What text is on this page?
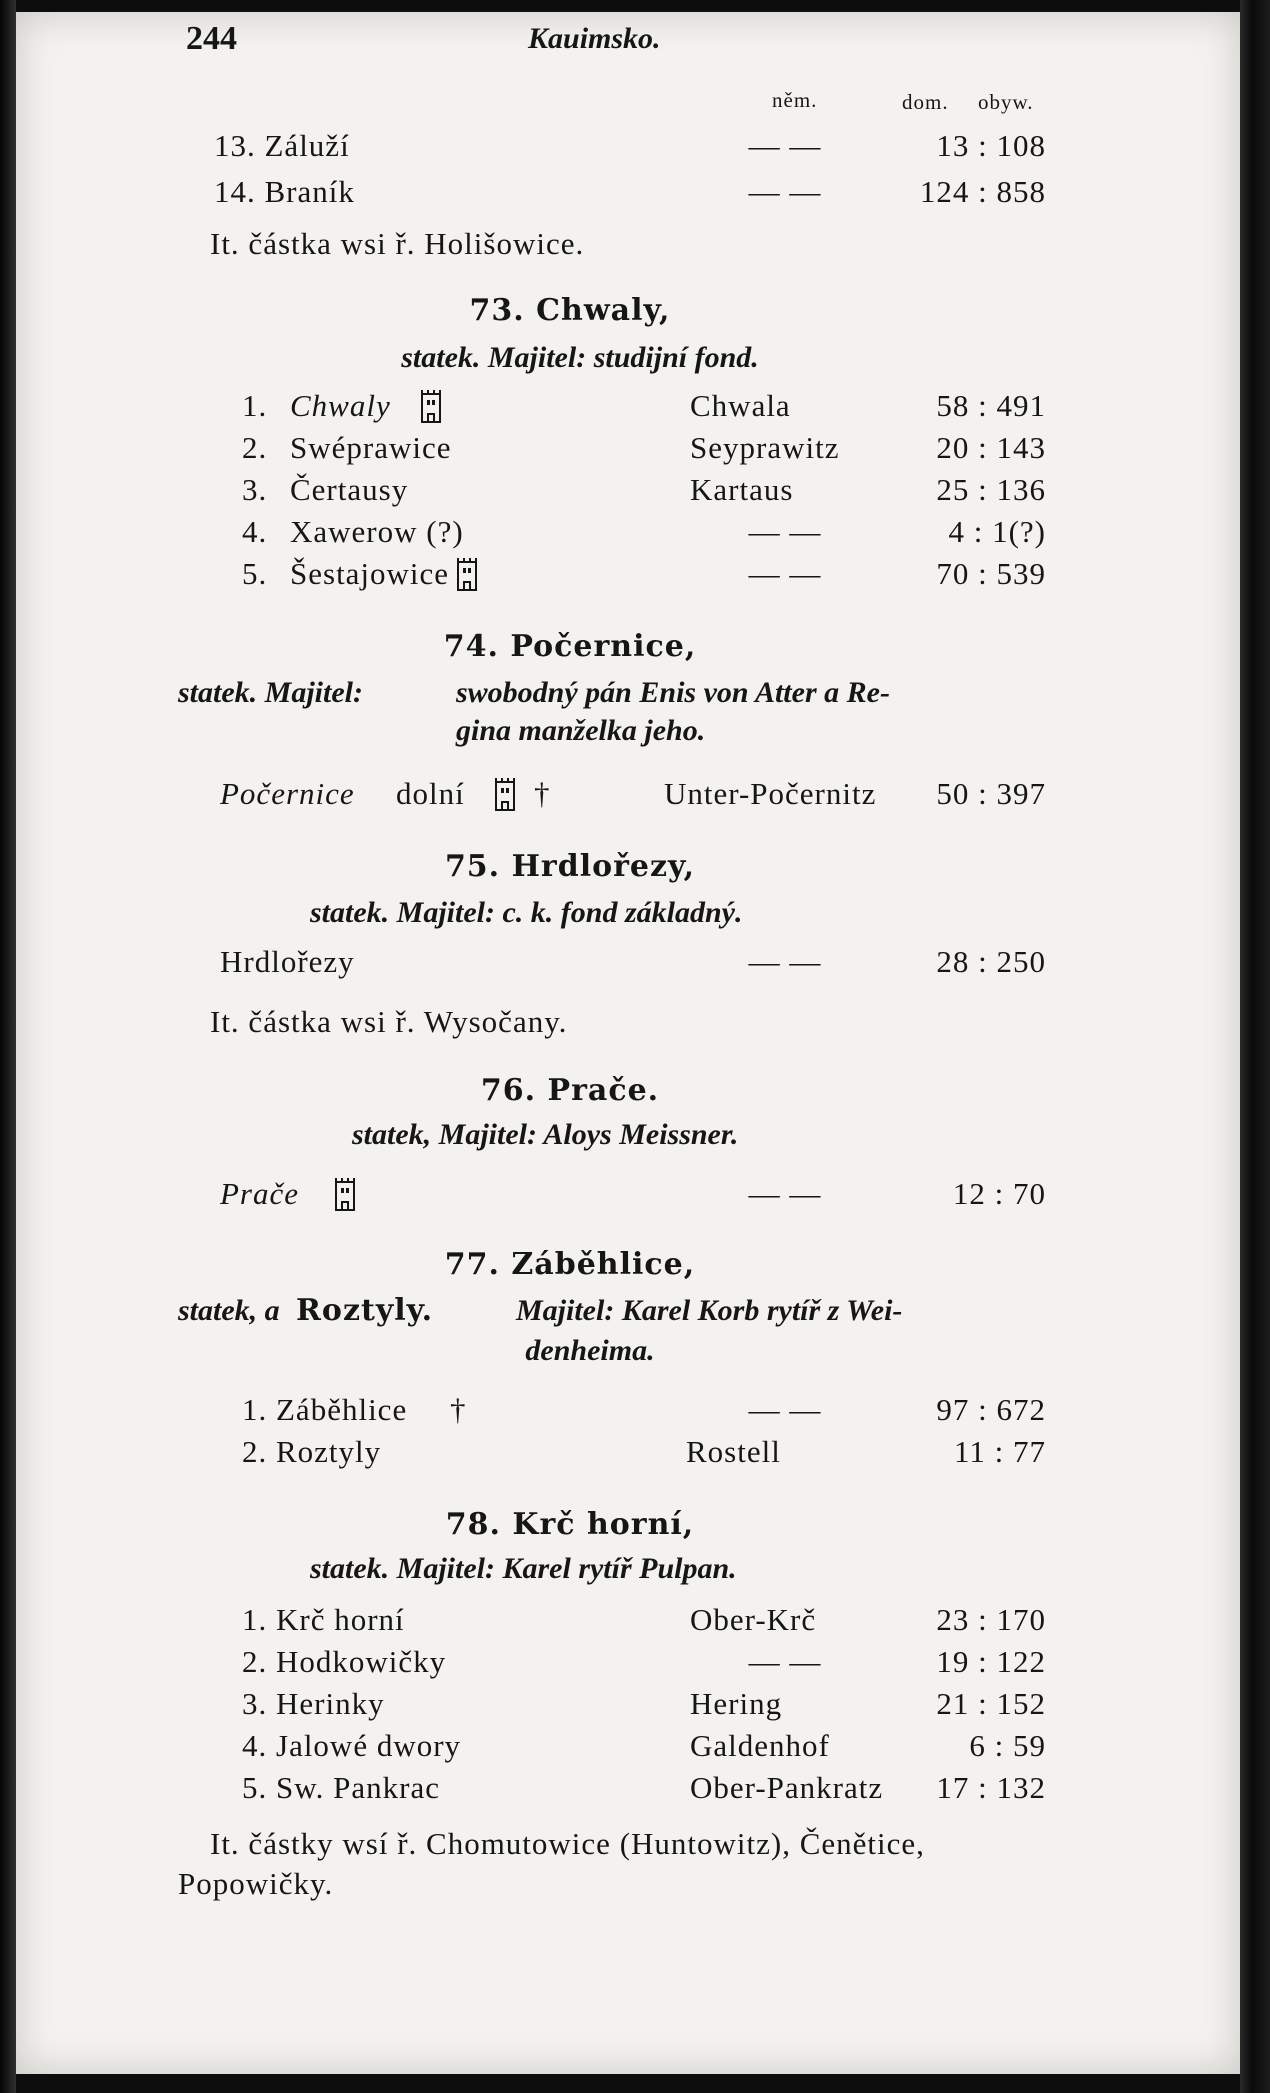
244	Kauimsko.
něm.	dom. obyw.
13. Záluží	— —	13 : 108
14. Braník	— —	124 : 858
It. částka wsi ř. Holišowice.
73. Chwaly,
statek. Majitel: studijní fond.
1. Chwaly	Chwala	58 : 491
2. Swéprawice	Seyprawitz	20 : 143
3. Čertausy	Kartaus	25 : 136
4. Xawerow (?)	— —	4 : 1(?)
5. Šestajowice	— —	70 : 539
74. Počernice,
statek. Majitel:	swobodný pán Enis von Atter a Re-
gina manželka jeho.
Počernice dolní †	Unter-Počernitz	50 : 397
75. Hrdlořezy,
statek. Majitel: c. k. fond základný.
Hrdlořezy	— —	28 : 250
It. částka wsi ř. Wysočany.
76. Prače.
statek, Majitel: Aloys Meissner.
Prače	— —	12 : 70
77. Záběhlice,
statek, a Roztyly.	Majitel: Karel Korb rytíř z Wei-
denheima.
1. Záběhlice †	— —	97 : 672
2. Roztyly	Rostell	11 : 77
78. Krč horní,
statek. Majitel: Karel rytíř Pulpan.
1. Krč horní	Ober-Krč	23 : 170
2. Hodkowičky	— —	19 : 122
3. Herinky	Hering	21 : 152
4. Jalowé dwory	Galdenhof	6 : 59
5. Sw. Pankrac	Ober-Pankratz	17 : 132
It. částky wsí ř. Chomutowice (Huntowitz), Čenětice,
Popowičky.
